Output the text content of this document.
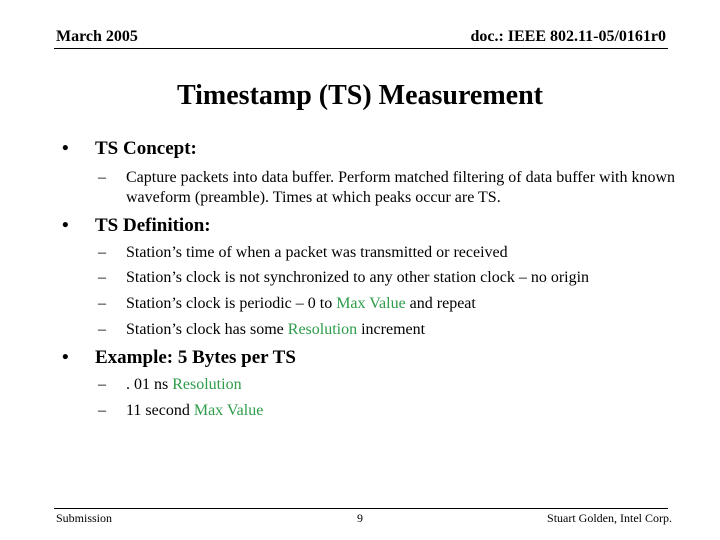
March 2005	doc.: IEEE 802.11-05/0161r0
Timestamp (TS) Measurement
• TS Concept:
– Capture packets into data buffer. Perform matched filtering of data buffer with known waveform (preamble). Times at which peaks occur are TS.
• TS Definition:
– Station’s time of when a packet was transmitted or received
– Station’s clock is not synchronized to any other station clock – no origin
– Station’s clock is periodic – 0 to Max Value and repeat
– Station’s clock has some Resolution increment
• Example: 5 Bytes per TS
– . 01 ns Resolution
– 11 second Max Value
Submission	9	Stuart Golden, Intel Corp.
